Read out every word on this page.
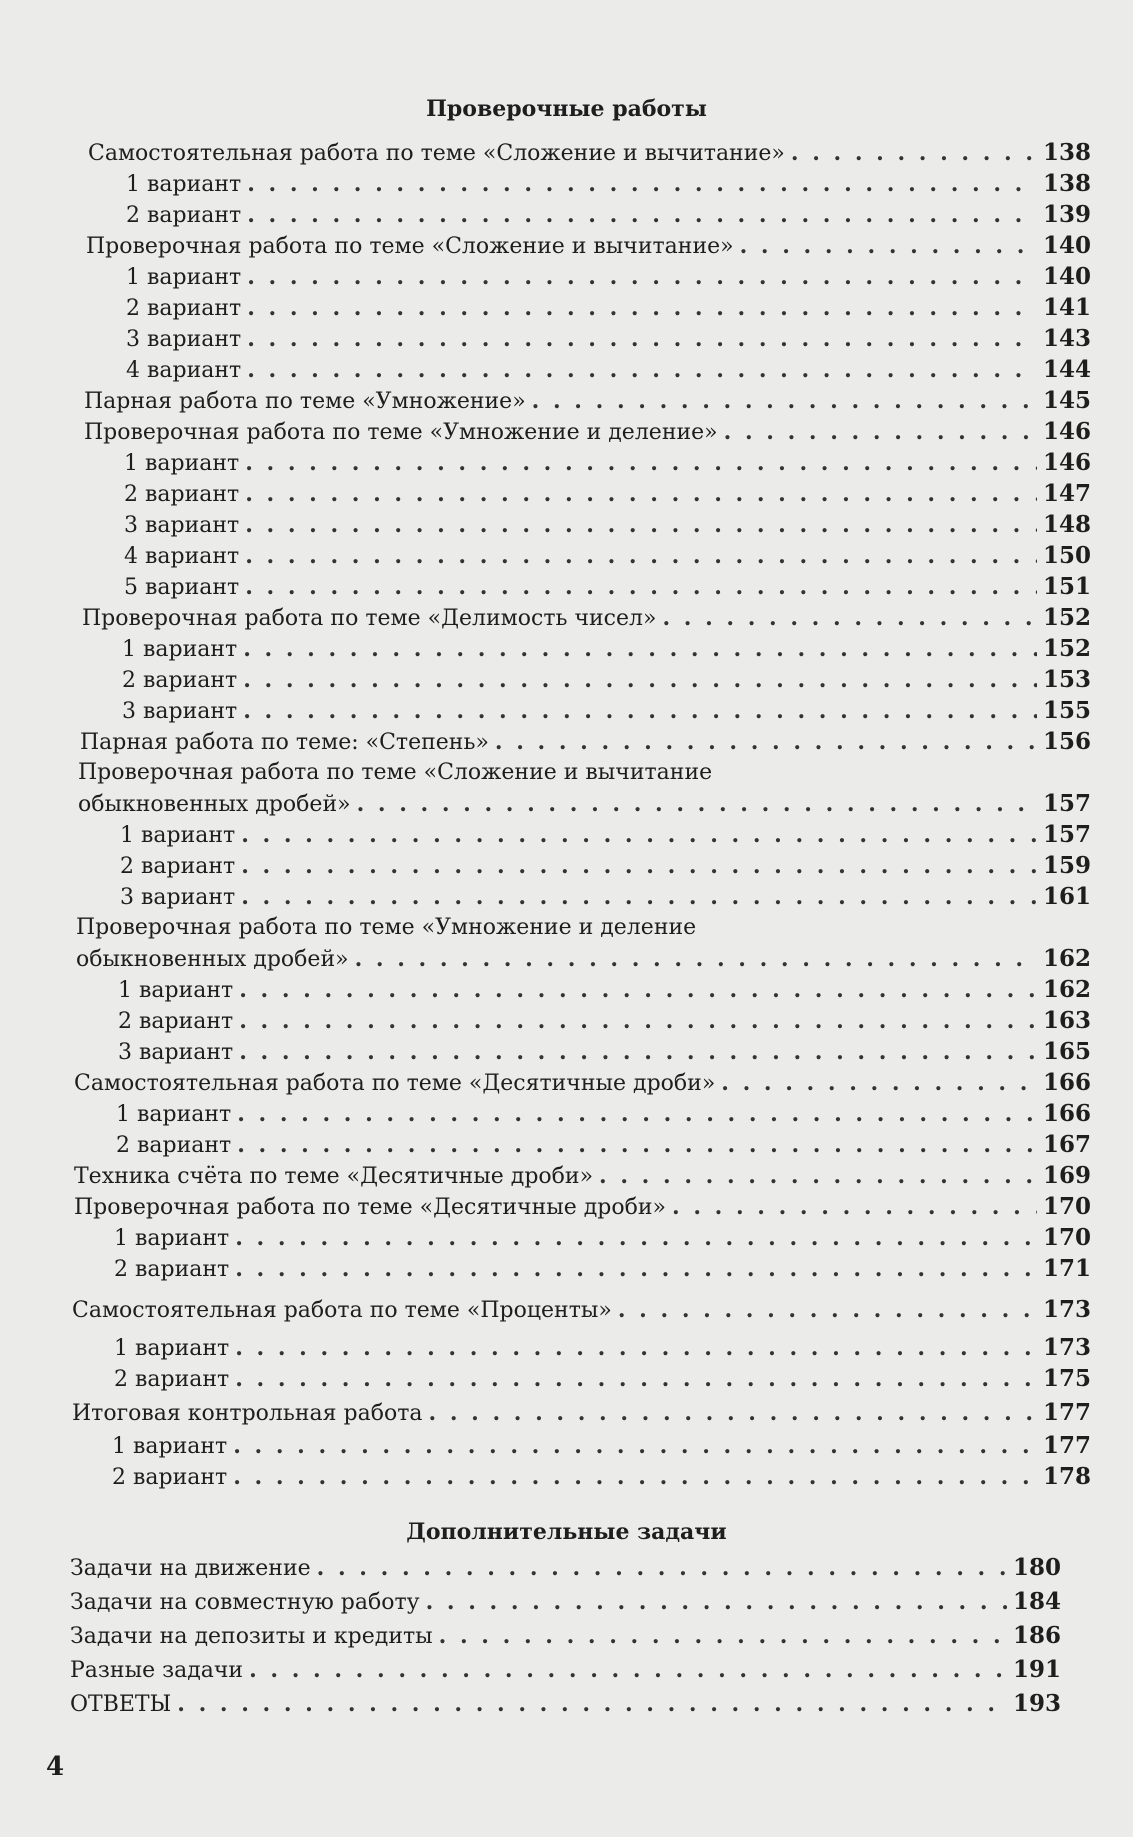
Проверочные работы
Самостоятельная работа по теме «Сложение и вычитание» . . .	138
1 вариант . . .	138
2 вариант . . .	139
Проверочная работа по теме «Сложение и вычитание» . . .	140
1 вариант . . .	140
2 вариант . . .	141
3 вариант . . .	143
4 вариант . . .	144
Парная работа по теме «Умножение» . . .	145
Проверочная работа по теме «Умножение и деление» . . .	146
1 вариант . . .	146
2 вариант . . .	147
3 вариант . . .	148
4 вариант . . .	150
5 вариант . . .	151
Проверочная работа по теме «Делимость чисел» . . .	152
1 вариант . . .	152
2 вариант . . .	153
3 вариант . . .	155
Парная работа по теме: «Степень» . . .	156
Проверочная работа по теме «Сложение и вычитание
обыкновенных дробей» . . .	157
1 вариант . . .	157
2 вариант . . .	159
3 вариант . . .	161
Проверочная работа по теме «Умножение и деление
обыкновенных дробей» . . .	162
1 вариант . . .	162
2 вариант . . .	163
3 вариант . . .	165
Самостоятельная работа по теме «Десятичные дроби» . . .	166
1 вариант . . .	166
2 вариант . . .	167
Техника счёта по теме «Десятичные дроби» . . .	169
Проверочная работа по теме «Десятичные дроби» . . .	170
1 вариант . . .	170
2 вариант . . .	171
Самостоятельная работа по теме «Проценты» . . .	173
1 вариант . . .	173
2 вариант . . .	175
Итоговая контрольная работа . . .	177
1 вариант . . .	177
2 вариант . . .	178
Дополнительные задачи
Задачи на движение . . .	180
Задачи на совместную работу . . .	184
Задачи на депозиты и кредиты . . .	186
Разные задачи . . .	191
ОТВЕТЫ . . .	193
4
